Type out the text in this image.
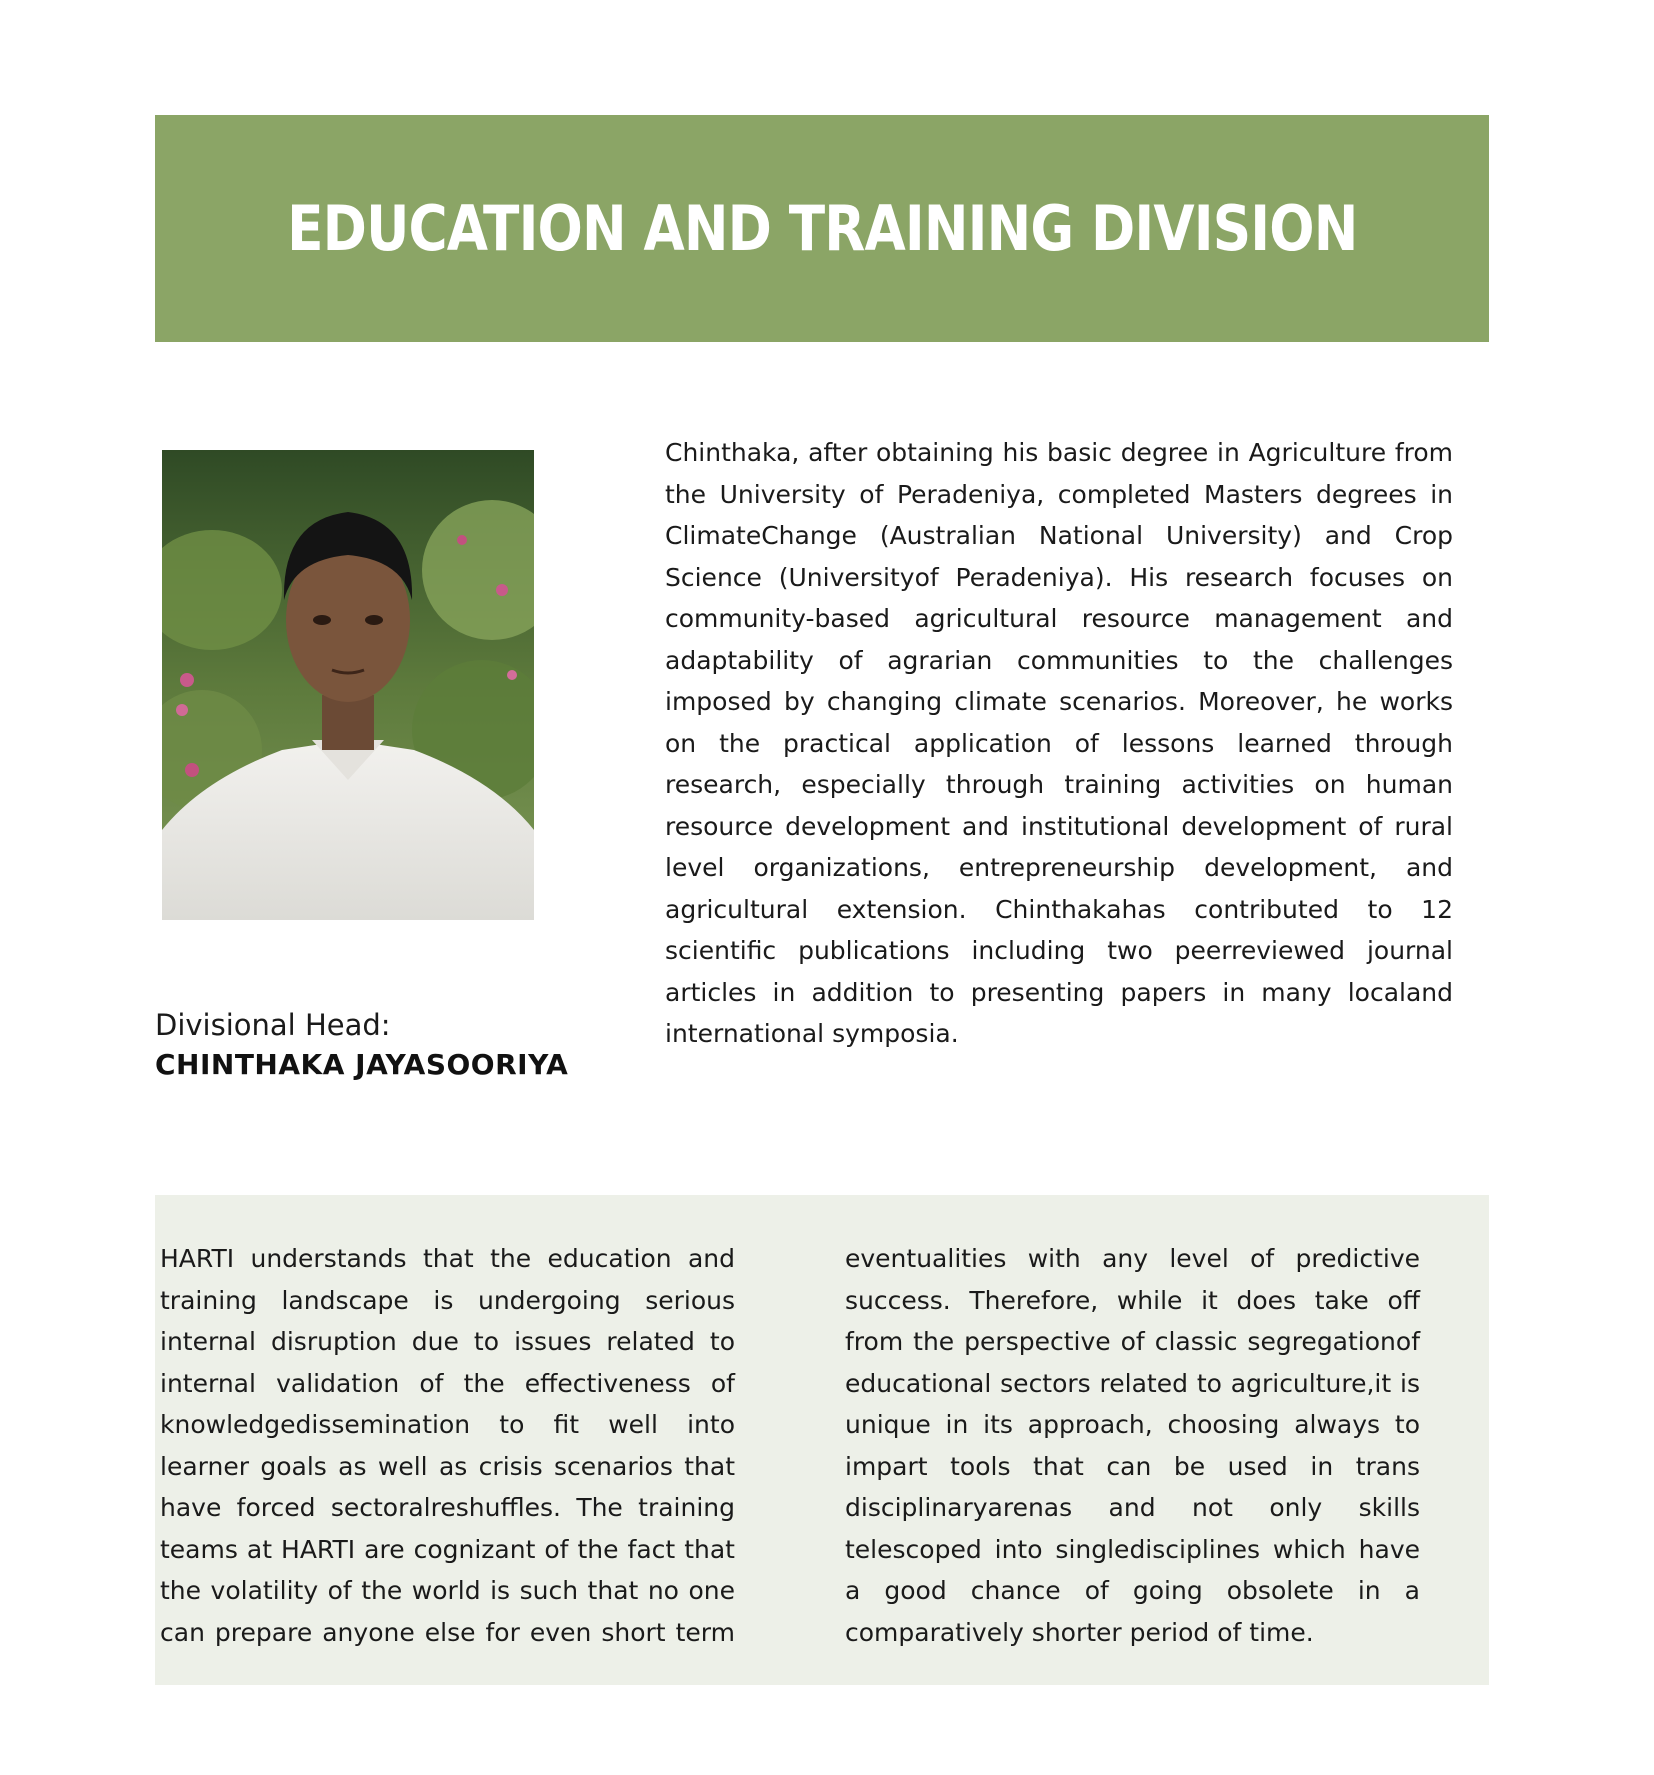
EDUCATION AND TRAINING DIVISION
Divisional Head:
CHINTHAKA JAYASOORIYA

Chinthaka, after obtaining his basic degree in Agriculture from the University of Peradeniya, completed Masters degrees in ClimateChange (Australian National University) and Crop Science (Universityof Peradeniya). His research focuses on community-based agricultural resource management and adaptability of agrarian communities to the challenges imposed by changing climate scenarios. Moreover, he works on the practical application of lessons learned through research, especially through training activities on human resource development and institutional development of rural level organizations, entrepreneurship development, and agricultural extension. Chinthakahas contributed to 12 scientific publications including two peerreviewed journal articles in addition to presenting papers in many localand international symposia.

HARTI understands that the education and training landscape is undergoing serious internal disruption due to issues related to internal validation of the effectiveness of knowledgedissemination to fit well into learner goals as well as crisis scenarios that have forced sectoralreshuffles. The training teams at HARTI are cognizant of the fact that the volatility of the world is such that no one can prepare anyone else for even short term

eventualities with any level of predictive success. Therefore, while it does take off from the perspective of classic segregationof educational sectors related to agriculture,it is unique in its approach, choosing always to impart tools that can be used in trans disciplinaryarenas and not only skills telescoped into singledisciplines which have a good chance of going obsolete in a comparatively shorter period of time.
